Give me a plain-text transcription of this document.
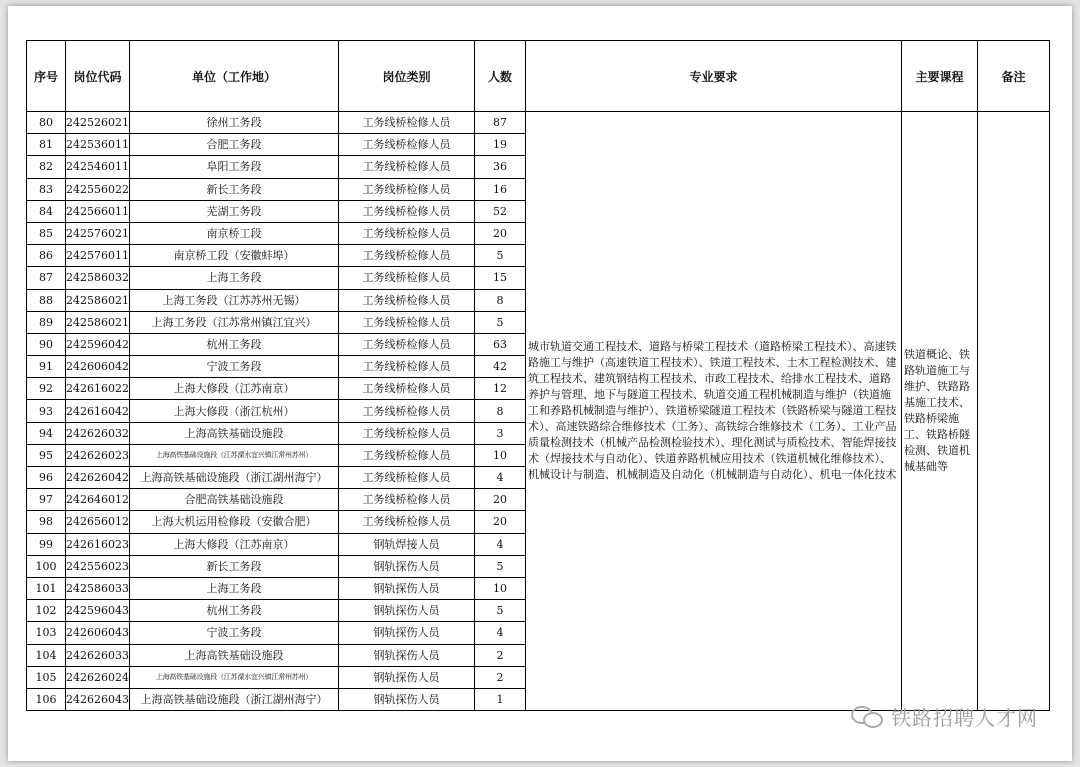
序号	岗位代码	单位（工作地）	岗位类别	人数	专业要求	主要课程	备注
80	242526021	徐州工务段	工务线桥检修人员	87	城市轨道交通工程技术、道路与桥梁工程技术（道路桥梁工程技术）、高速铁路施工与维护（高速铁道工程技术）、铁道工程技术、土木工程检测技术、建筑工程技术、建筑钢结构工程技术、市政工程技术、给排水工程技术、道路养护与管理、地下与隧道工程技术、轨道交通工程机械制造与维护（铁道施工和养路机械制造与维护）、铁道桥梁隧道工程技术（铁路桥梁与隧道工程技术）、高速铁路综合维修技术（工务）、高铁综合维修技术（工务）、工业产品质量检测技术（机械产品检测检验技术）、理化测试与质检技术、智能焊接技术（焊接技术与自动化）、铁道养路机械应用技术（铁道机械化维修技术）、机械设计与制造、机械制造及自动化（机械制造与自动化）、机电一体化技术	铁道概论、铁路轨道施工与维护、铁路路基施工技术、铁路桥梁施工、铁路桥隧检测、铁道机械基础等	
81	242536011	合肥工务段	工务线桥检修人员	19			
82	242546011	阜阳工务段	工务线桥检修人员	36			
83	242556022	新长工务段	工务线桥检修人员	16			
84	242566011	芜湖工务段	工务线桥检修人员	52			
85	242576021	南京桥工段	工务线桥检修人员	20			
86	242576011	南京桥工段（安徽蚌埠）	工务线桥检修人员	5			
87	242586032	上海工务段	工务线桥检修人员	15			
88	242586021	上海工务段（江苏苏州无锡）	工务线桥检修人员	8			
89	242586021	上海工务段（江苏常州镇江宜兴）	工务线桥检修人员	5			
90	242596042	杭州工务段	工务线桥检修人员	63			
91	242606042	宁波工务段	工务线桥检修人员	42			
92	242616022	上海大修段（江苏南京）	工务线桥检修人员	12			
93	242616042	上海大修段（浙江杭州）	工务线桥检修人员	8			
94	242626032	上海高铁基础设施段	工务线桥检修人员	3			
95	242626023	上海高铁基础设施段（江苏溧水宜兴镇江常州苏州）	工务线桥检修人员	10			
96	242626042	上海高铁基础设施段（浙江湖州海宁）	工务线桥检修人员	4			
97	242646012	合肥高铁基础设施段	工务线桥检修人员	20			
98	242656012	上海大机运用检修段（安徽合肥）	工务线桥检修人员	20			
99	242616023	上海大修段（江苏南京）	钢轨焊接人员	4			
100	242556023	新长工务段	钢轨探伤人员	5			
101	242586033	上海工务段	钢轨探伤人员	10			
102	242596043	杭州工务段	钢轨探伤人员	5			
103	242606043	宁波工务段	钢轨探伤人员	4			
104	242626033	上海高铁基础设施段	钢轨探伤人员	2			
105	242626024	上海高铁基础设施段（江苏溧水宜兴镇江常州苏州）	钢轨探伤人员	2			
106	242626043	上海高铁基础设施段（浙江湖州海宁）	钢轨探伤人员	1			
铁路招聘人才网
